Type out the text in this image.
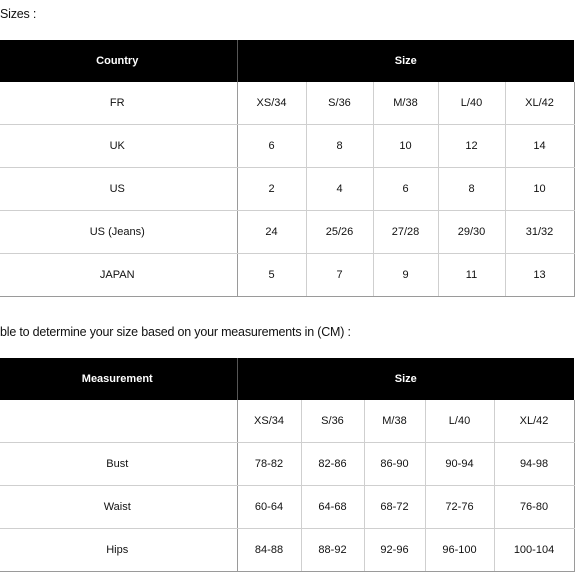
Sizes :
Country	Size				
FR	XS/34	S/36	M/38	L/40	XL/42
UK	6	8	10	12	14
US	2	4	6	8	10
US (Jeans)	24	25/26	27/28	29/30	31/32
JAPAN	5	7	9	11	13
ble to determine your size based on your measurements in (CM) :
Measurement	Size				
	XS/34	S/36	M/38	L/40	XL/42
Bust	78-82	82-86	86-90	90-94	94-98
Waist	60-64	64-68	68-72	72-76	76-80
Hips	84-88	88-92	92-96	96-100	100-104
